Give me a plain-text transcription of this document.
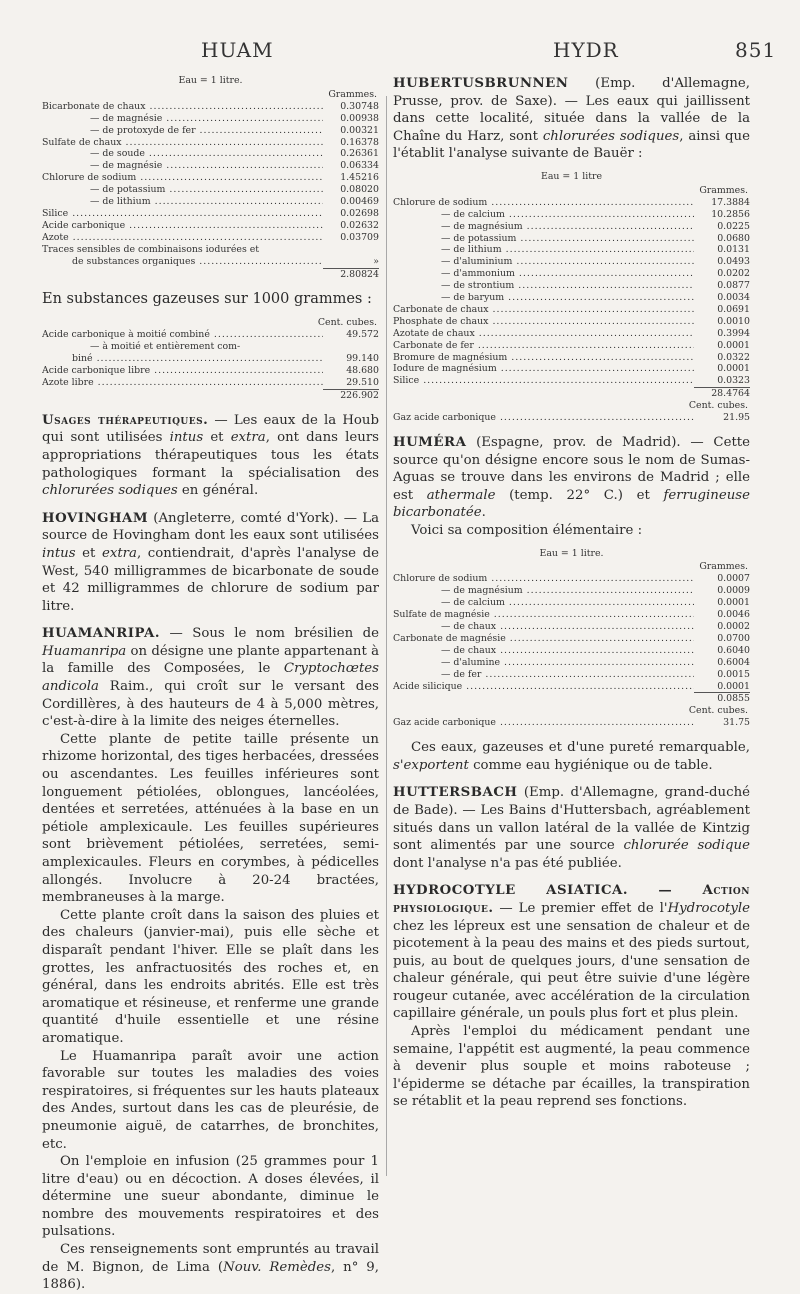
HUAM	HYDR	851
Eau = 1 litre.
Grammes.
Bicarbonate de chaux .....	0.30748
— de magnésie .....	0.00938
— de protoxyde de fer .....	0.00321
Sulfate de chaux .....	0.16378
— de soude .....	0.26361
— de magnésie .....	0.06334
Chlorure de sodium .....	1.45216
— de potassium .....	0.08020
— de lithium .....	0.00469
Silice .....	0.02698
Acide carbonique .....	0.02632
Azote .....	0.03709
Traces sensibles de combinaisons iodurées et
de substances organiques .....	»
2.80824
En substances gazeuses sur 1000 grammes :
Cent. cubes.
Acide carbonique à moitié combiné .....	49.572
— à moitié et entièrement com-
biné .....	99.140
Acide carbonique libre .....	48.680
Azote libre .....	29.510
226.902

Usages thérapeutiques. — Les eaux de la Houb qui sont utilisées intus et extra, ont dans leurs appropriations thérapeutiques tous les états pathologiques formant la spécialisation des chlorurées sodiques en général.

HOVINGHAM (Angleterre, comté d'York). — La source de Hovingham dont les eaux sont utilisées intus et extra, contiendrait, d'après l'analyse de West, 540 milligrammes de bicarbonate de soude et 42 milligrammes de chlorure de sodium par litre.

HUAMANRIPA. — Sous le nom brésilien de Huamanripa on désigne une plante appartenant à la famille des Composées, le Cryptochœtes andicola Raim., qui croît sur le versant des Cordillères, à des hauteurs de 4 à 5,000 mètres, c'est-à-dire à la limite des neiges éternelles.

Cette plante de petite taille présente un rhizome horizontal, des tiges herbacées, dressées ou ascendantes. Les feuilles inférieures sont longuement pétiolées, oblongues, lancéolées, dentées et serretées, atténuées à la base en un pétiole amplexicaule. Les feuilles supérieures sont brièvement pétiolées, serretées, semi-amplexicaules. Fleurs en corymbes, à pédicelles allongés. Involucre à 20-24 bractées, membraneuses à la marge.

Cette plante croît dans la saison des pluies et des chaleurs (janvier-mai), puis elle sèche et disparaît pendant l'hiver. Elle se plaît dans les grottes, les anfractuosités des roches et, en général, dans les endroits abrités. Elle est très aromatique et résineuse, et renferme une grande quantité d'huile essentielle et une résine aromatique.

Le Huamanripa paraît avoir une action favorable sur toutes les maladies des voies respiratoires, si fréquentes sur les hauts plateaux des Andes, surtout dans les cas de pleurésie, de pneumonie aiguë, de catarrhes, de bronchites, etc.

On l'emploie en infusion (25 grammes pour 1 litre d'eau) ou en décoction. A doses élevées, il détermine une sueur abondante, diminue le nombre des mouvements respiratoires et des pulsations.

Ces renseignements sont empruntés au travail de M. Bignon, de Lima (Nouv. Remèdes, n° 9, 1886).

HUBERTUSBRUNNEN (Emp. d'Allemagne, Prusse, prov. de Saxe). — Les eaux qui jaillissent dans cette localité, située dans la vallée de la Chaîne du Harz, sont chlorurées sodiques, ainsi que l'établit l'analyse suivante de Bauër :

Eau = 1 litre
Grammes.
Chlorure de sodium .....	17.3884
— de calcium .....	10.2856
— de magnésium .....	0.0225
— de potassium .....	0.0680
— de lithium .....	0.0131
— d'aluminium .....	0.0493
— d'ammonium .....	0.0202
— de strontium .....	0.0877
— de baryum .....	0.0034
Carbonate de chaux .....	0.0691
Phosphate de chaux .....	0.0010
Azotate de chaux .....	0.3994
Carbonate de fer .....	0.0001
Bromure de magnésium .....	0.0322
Iodure de magnésium .....	0.0001
Silice .....	0.0323
28.4764
Cent. cubes.
Gaz acide carbonique .....	21.95

HUMÉRA (Espagne, prov. de Madrid). — Cette source qu'on désigne encore sous le nom de Sumas-Aguas se trouve dans les environs de Madrid ; elle est athermale (temp. 22° C.) et ferrugineuse bicarbonatée.

Voici sa composition élémentaire :

Eau = 1 litre.
Grammes.
Chlorure de sodium .....	0.0007
— de magnésium .....	0.0009
— de calcium .....	0.0001
Sulfate de magnésie .....	0.0046
— de chaux .....	0.0002
Carbonate de magnésie .....	0.0700
— de chaux .....	0.6040
— d'alumine .....	0.6004
— de fer .....	0.0015
Acide silicique .....	0.0001
0.0855
Cent. cubes.
Gaz acide carbonique .....	31.75

Ces eaux, gazeuses et d'une pureté remarquable, s'exportent comme eau hygiénique ou de table.

HUTTERSBACH (Emp. d'Allemagne, grand-duché de Bade). — Les Bains d'Huttersbach, agréablement situés dans un vallon latéral de la vallée de Kintzig sont alimentés par une source chlorurée sodique dont l'analyse n'a pas été publiée.

HYDROCOTYLE ASIATICA. — Action physiologique. — Le premier effet de l'Hydrocotyle chez les lépreux est une sensation de chaleur et de picotement à la peau des mains et des pieds surtout, puis, au bout de quelques jours, d'une sensation de chaleur générale, qui peut être suivie d'une légère rougeur cutanée, avec accélération de la circulation capillaire générale, un pouls plus fort et plus plein.

Après l'emploi du médicament pendant une semaine, l'appétit est augmenté, la peau commence à devenir plus souple et moins raboteuse ; l'épiderme se détache par écailles, la transpiration se rétablit et la peau reprend ses fonctions.
